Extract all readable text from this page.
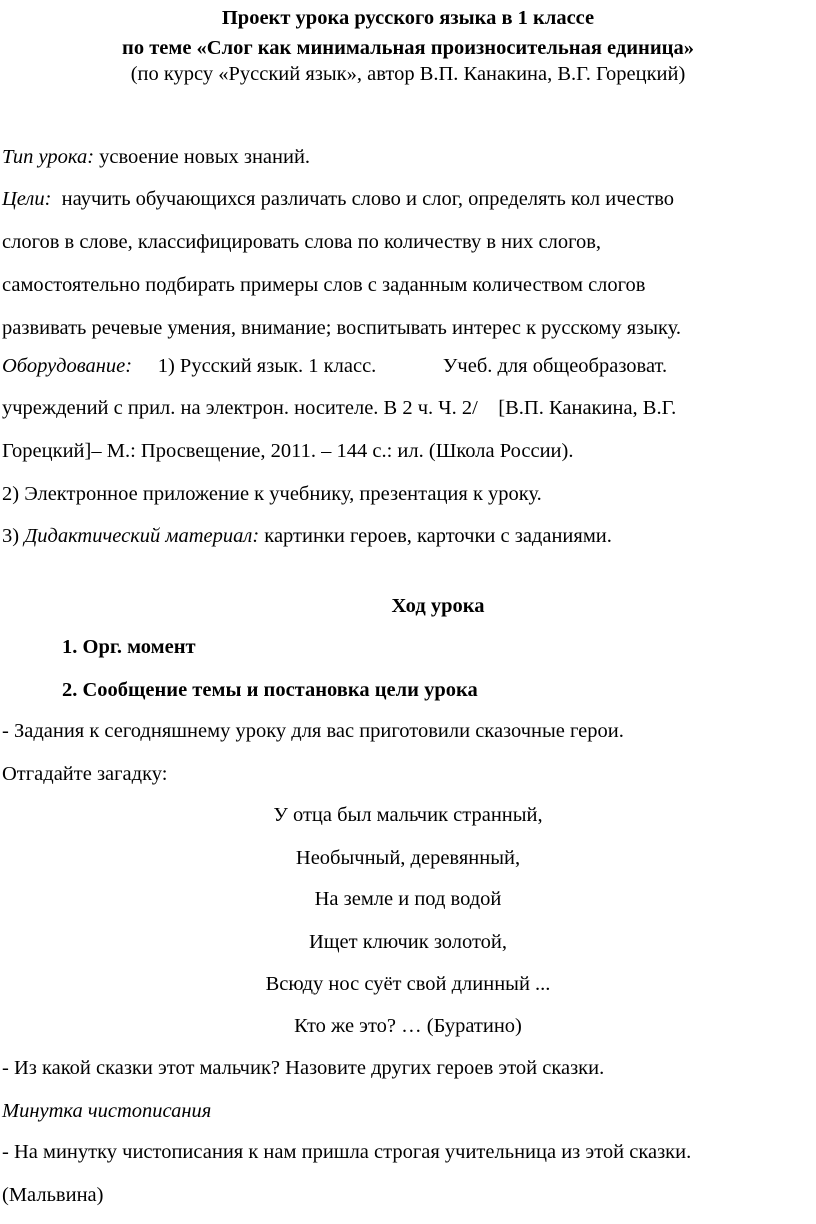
Проект урока русского языка в 1 классе
по теме «Слог как минимальная произносительная единица»
(по курсу «Русский язык», автор В.П. Канакина, В.Г. Горецкий)
Тип урока: усвоение новых знаний.
Цели:  научить обучающихся различать слово и слог, определять кол ичество
слогов в слове, классифицировать слова по количеству в них слогов,
самостоятельно подбирать примеры слов с заданным количеством слогов
развивать речевые умения, внимание; воспитывать интерес к русскому языку.
Оборудование:     1) Русский язык. 1 класс.             Учеб. для общеобразоват.
учреждений с прил. на электрон. носителе. В 2 ч. Ч. 2/    [В.П. Канакина, В.Г.
Горецкий]– М.: Просвещение, 2011. – 144 с.: ил. (Школа России).
2) Электронное приложение к учебнику, презентация к уроку.
3) Дидактический материал: картинки героев, карточки с заданиями.
Ход урока
1. Орг. момент
2. Сообщение темы и постановка цели урока
- Задания к сегодняшнему уроку для вас приготовили сказочные герои.
Отгадайте загадку:
У отца был мальчик странный,
Необычный, деревянный,
На земле и под водой
Ищет ключик золотой,
Всюду нос суёт свой длинный ...
Кто же это? … (Буратино)
- Из какой сказки этот мальчик? Назовите других героев этой сказки.
Минутка чистописания
- На минутку чистописания к нам пришла строгая учительница из этой сказки.
(Мальвина)
